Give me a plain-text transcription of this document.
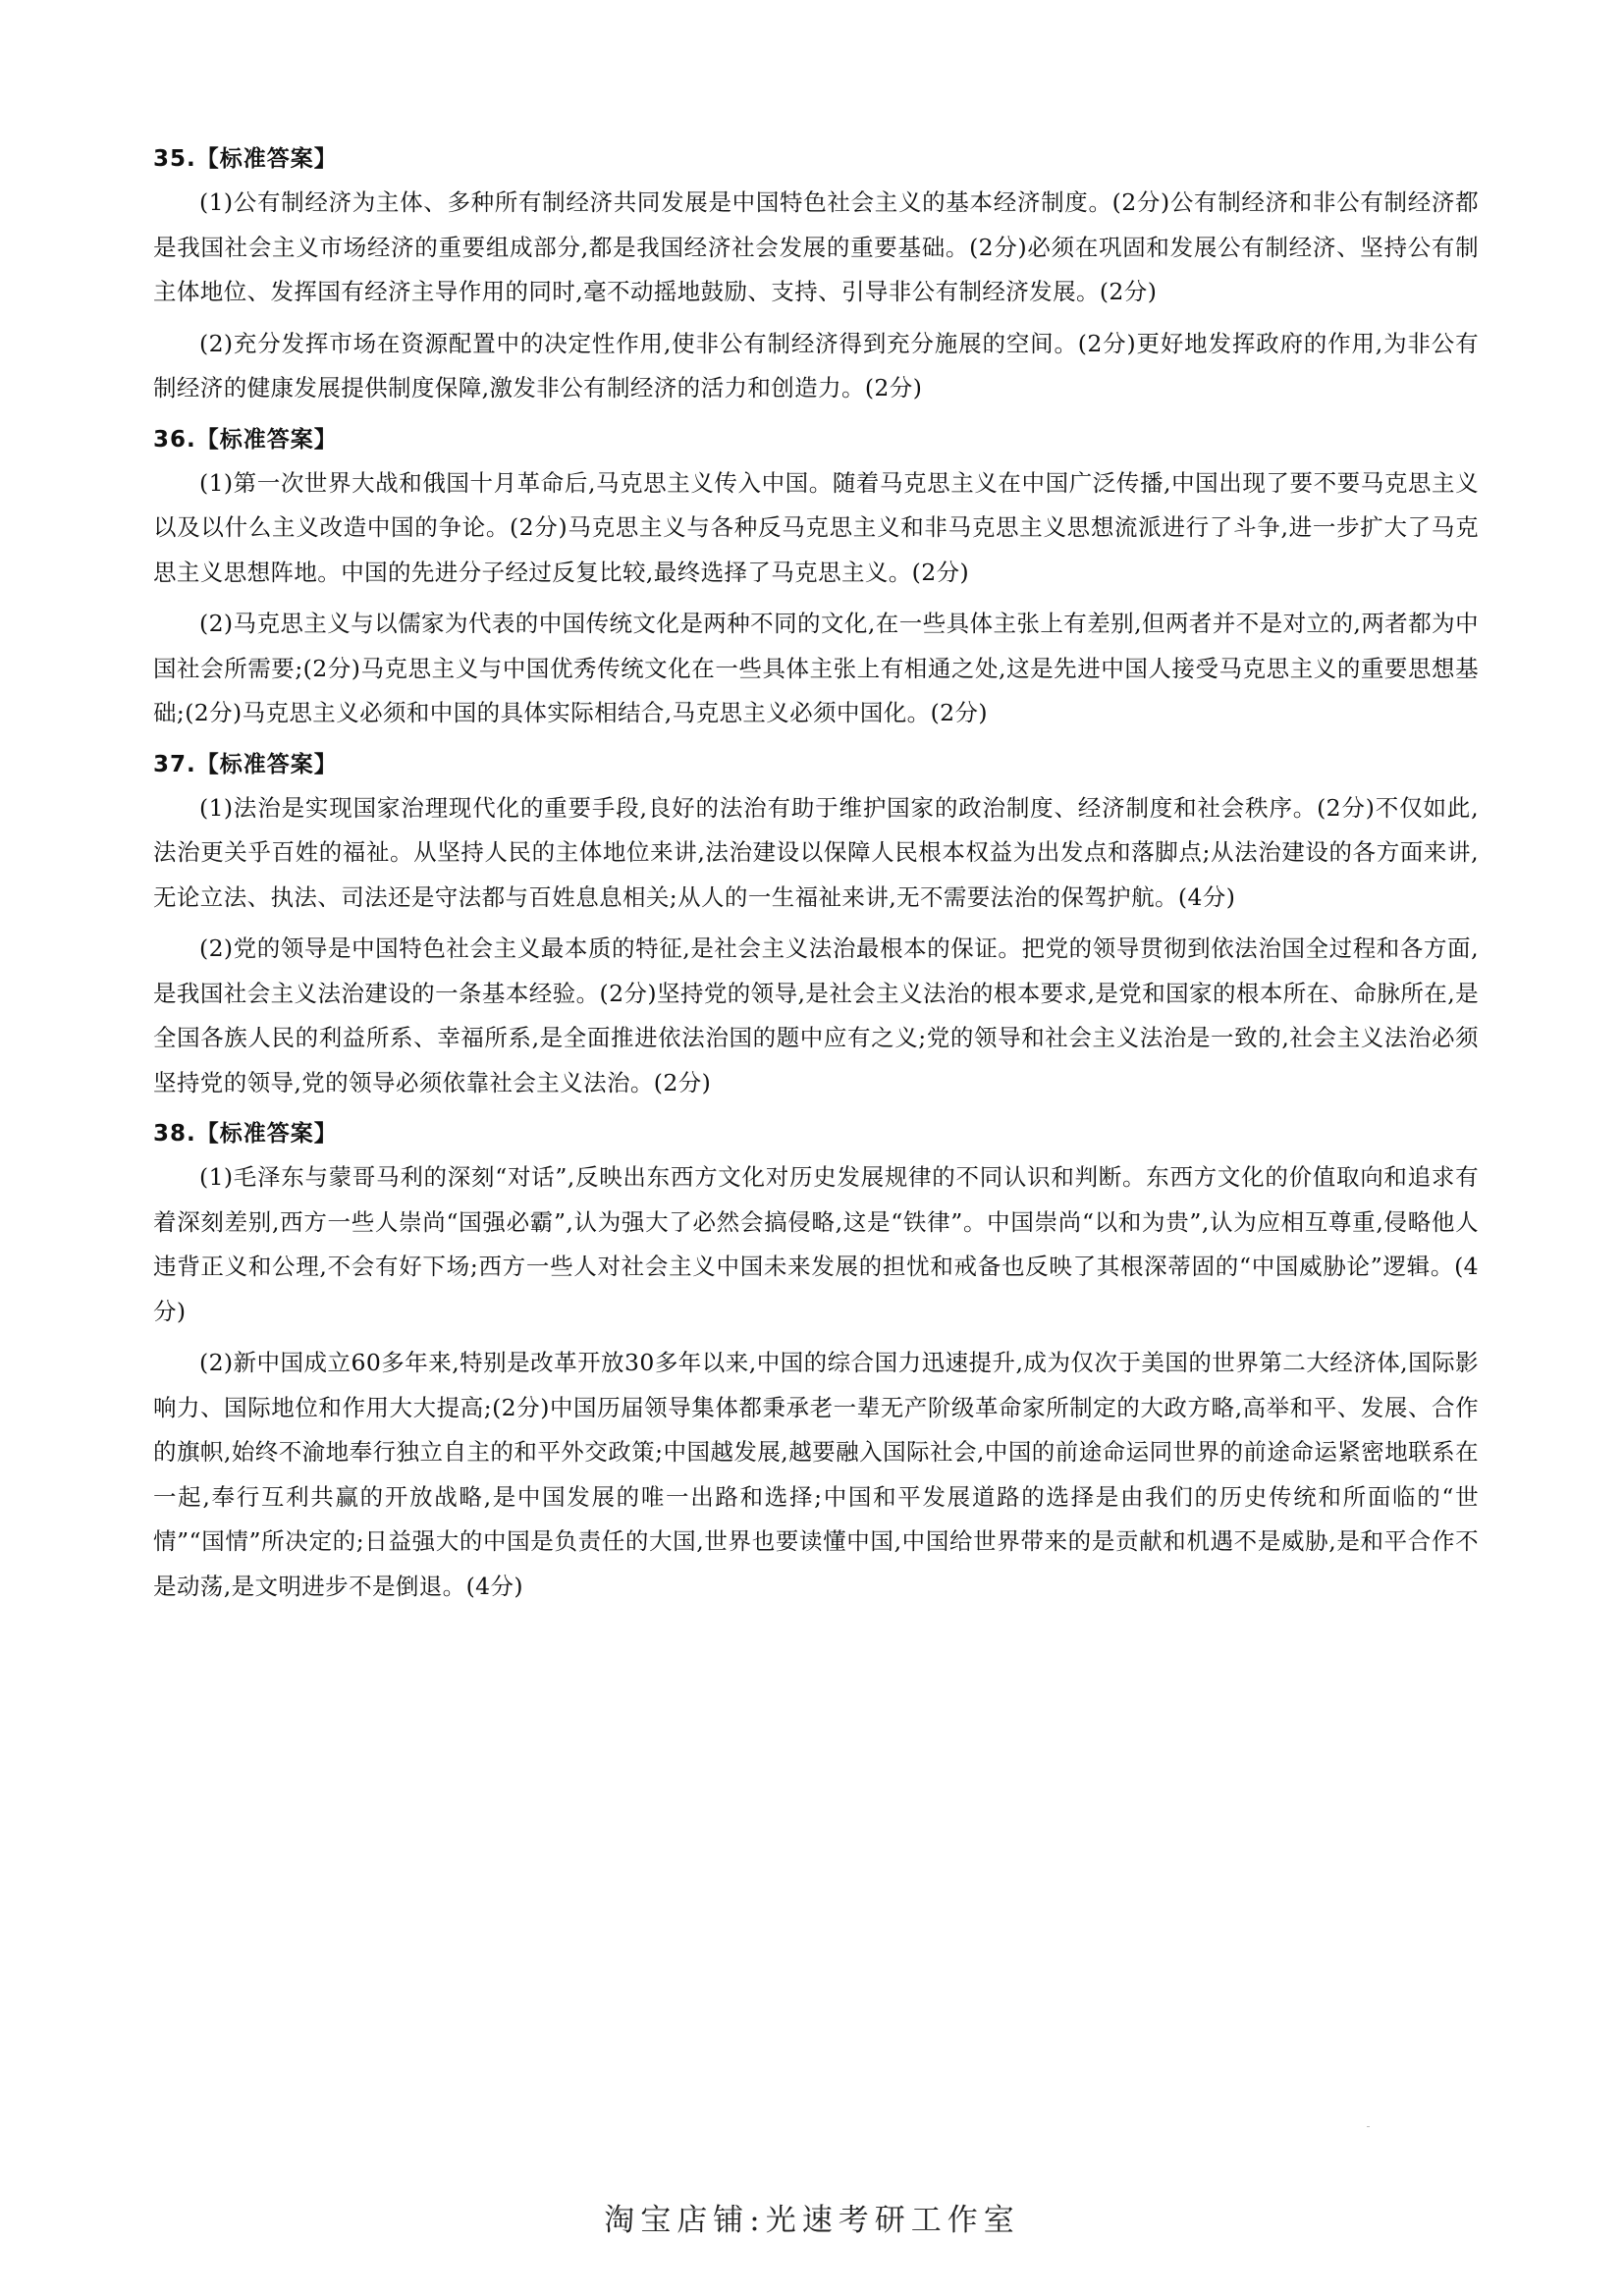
35.【标准答案】

(1)公有制经济为主体、多种所有制经济共同发展是中国特色社会主义的基本经济制度。(2分)公有制经济和非公有制经济都是我国社会主义市场经济的重要组成部分,都是我国经济社会发展的重要基础。(2分)必须在巩固和发展公有制经济、坚持公有制主体地位、发挥国有经济主导作用的同时,毫不动摇地鼓励、支持、引导非公有制经济发展。(2分)

(2)充分发挥市场在资源配置中的决定性作用,使非公有制经济得到充分施展的空间。(2分)更好地发挥政府的作用,为非公有制经济的健康发展提供制度保障,激发非公有制经济的活力和创造力。(2分)

36.【标准答案】

(1)第一次世界大战和俄国十月革命后,马克思主义传入中国。随着马克思主义在中国广泛传播,中国出现了要不要马克思主义以及以什么主义改造中国的争论。(2分)马克思主义与各种反马克思主义和非马克思主义思想流派进行了斗争,进一步扩大了马克思主义思想阵地。中国的先进分子经过反复比较,最终选择了马克思主义。(2分)

(2)马克思主义与以儒家为代表的中国传统文化是两种不同的文化,在一些具体主张上有差别,但两者并不是对立的,两者都为中国社会所需要;(2分)马克思主义与中国优秀传统文化在一些具体主张上有相通之处,这是先进中国人接受马克思主义的重要思想基础;(2分)马克思主义必须和中国的具体实际相结合,马克思主义必须中国化。(2分)

37.【标准答案】

(1)法治是实现国家治理现代化的重要手段,良好的法治有助于维护国家的政治制度、经济制度和社会秩序。(2分)不仅如此,法治更关乎百姓的福祉。从坚持人民的主体地位来讲,法治建设以保障人民根本权益为出发点和落脚点;从法治建设的各方面来讲,无论立法、执法、司法还是守法都与百姓息息相关;从人的一生福祉来讲,无不需要法治的保驾护航。(4分)

(2)党的领导是中国特色社会主义最本质的特征,是社会主义法治最根本的保证。把党的领导贯彻到依法治国全过程和各方面,是我国社会主义法治建设的一条基本经验。(2分)坚持党的领导,是社会主义法治的根本要求,是党和国家的根本所在、命脉所在,是全国各族人民的利益所系、幸福所系,是全面推进依法治国的题中应有之义;党的领导和社会主义法治是一致的,社会主义法治必须坚持党的领导,党的领导必须依靠社会主义法治。(2分)

38.【标准答案】

(1)毛泽东与蒙哥马利的深刻“对话”,反映出东西方文化对历史发展规律的不同认识和判断。东西方文化的价值取向和追求有着深刻差别,西方一些人崇尚“国强必霸”,认为强大了必然会搞侵略,这是“铁律”。中国崇尚“以和为贵”,认为应相互尊重,侵略他人违背正义和公理,不会有好下场;西方一些人对社会主义中国未来发展的担忧和戒备也反映了其根深蒂固的“中国威胁论”逻辑。(4分)

(2)新中国成立60多年来,特别是改革开放30多年以来,中国的综合国力迅速提升,成为仅次于美国的世界第二大经济体,国际影响力、国际地位和作用大大提高;(2分)中国历届领导集体都秉承老一辈无产阶级革命家所制定的大政方略,高举和平、发展、合作的旗帜,始终不渝地奉行独立自主的和平外交政策;中国越发展,越要融入国际社会,中国的前途命运同世界的前途命运紧密地联系在一起,奉行互利共赢的开放战略,是中国发展的唯一出路和选择;中国和平发展道路的选择是由我们的历史传统和所面临的“世情”“国情”所决定的;日益强大的中国是负责任的大国,世界也要读懂中国,中国给世界带来的是贡献和机遇不是威胁,是和平合作不是动荡,是文明进步不是倒退。(4分)

淘宝店铺:光速考研工作室
